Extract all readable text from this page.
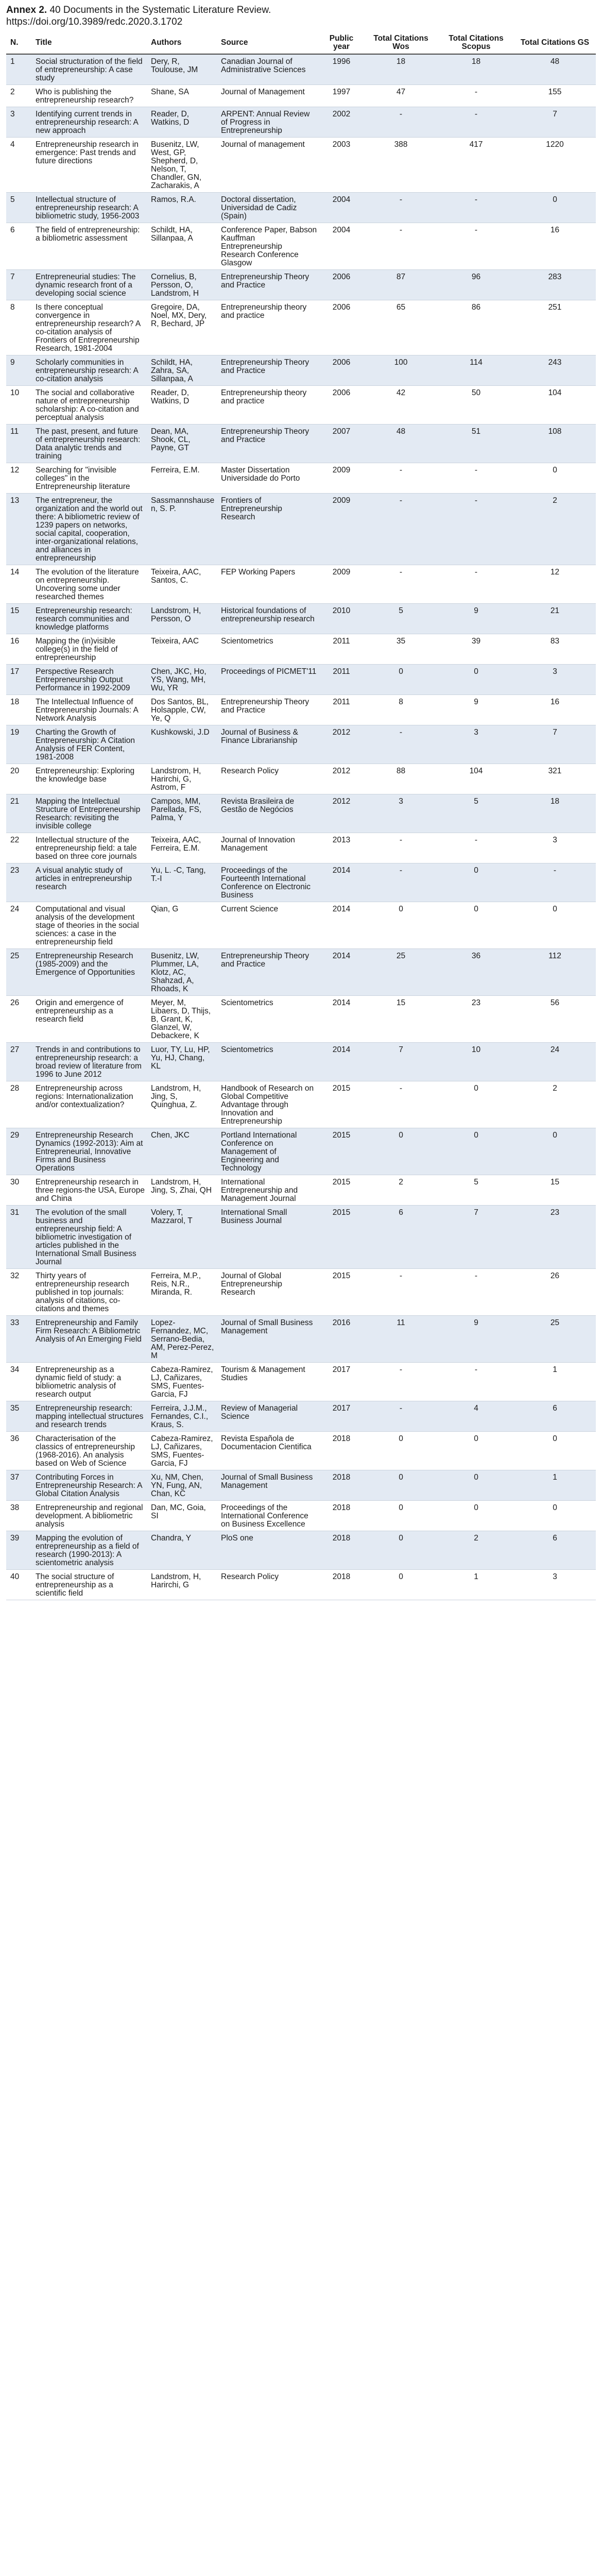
Annex 2. 40 Documents in the Systematic Literature Review.
https://doi.org/10.3989/redc.2020.3.1702
N.	Title	Authors	Source	Public year	Total Citations Wos	Total Citations Scopus	Total Citations GS
1	Social structuration of the field of entrepreneurship: A case study	Dery, R, Toulouse, JM	Canadian Journal of Administrative Sciences	1996	18	18	48
2	Who is publishing the entrepreneurship research?	Shane, SA	Journal of Management	1997	47	-	155
3	Identifying current trends in entrepreneurship research: A new approach	Reader, D, Watkins, D	ARPENT: Annual Review of Progress in Entrepreneurship	2002	-	-	7
4	Entrepreneurship research in emergence: Past trends and future directions	Busenitz, LW, West, GP, Shepherd, D, Nelson, T, Chandler, GN, Zacharakis, A	Journal of management	2003	388	417	1220
5	Intellectual structure of entrepreneurship research: A bibliometric study, 1956-2003	Ramos, R.A.	Doctoral dissertation, Universidad de Cadiz (Spain)	2004	-	-	0
6	The field of entrepreneurship: a bibliometric assessment	Schildt, HA, Sillanpaa, A	Conference Paper, Babson Kauffman Entrepreneurship Research Conference Glasgow	2004	-	-	16
7	Entrepreneurial studies: The dynamic research front of a developing social science	Cornelius, B, Persson, O, Landstrom, H	Entrepreneurship Theory and Practice	2006	87	96	283
8	Is there conceptual convergence in entrepreneurship research? A co-citation analysis of Frontiers of Entrepreneurship Research, 1981-2004	Gregoire, DA, Noel, MX, Dery, R, Bechard, JP	Entrepreneurship theory and practice	2006	65	86	251
9	Scholarly communities in entrepreneurship research: A co-citation analysis	Schildt, HA, Zahra, SA, Sillanpaa, A	Entrepreneurship Theory and Practice	2006	100	114	243
10	The social and collaborative nature of entrepreneurship scholarship: A co-citation and perceptual analysis	Reader, D, Watkins, D	Entrepreneurship theory and practice	2006	42	50	104
11	The past, present, and future of entrepreneurship research: Data analytic trends and training	Dean, MA, Shook, CL, Payne, GT	Entrepreneurship Theory and Practice	2007	48	51	108
12	Searching for "invisible colleges" in the Entrepreneurship literature	Ferreira, E.M.	Master Dissertation Universidade do Porto	2009	-	-	0
13	The entrepreneur, the organization and the world out there: A bibliometric review of 1239 papers on networks, social capital, cooperation, inter-organizational relations, and alliances in entrepreneurship	Sassmannshausen, S. P.	Frontiers of Entrepreneurship Research	2009	-	-	2
14	The evolution of the literature on entrepreneurship. Uncovering some under researched themes	Teixeira, AAC, Santos, C.	FEP Working Papers	2009	-	-	12
15	Entrepreneurship research: research communities and knowledge platforms	Landstrom, H, Persson, O	Historical foundations of entrepreneurship research	2010	5	9	21
16	Mapping the (in)visible college(s) in the field of entrepreneurship	Teixeira, AAC	Scientometrics	2011	35	39	83
17	Perspective Research Entrepreneurship Output Performance in 1992-2009	Chen, JKC, Ho, YS, Wang, MH, Wu, YR	Proceedings of PICMET'11	2011	0	0	3
18	The Intellectual Influence of Entrepreneurship Journals: A Network Analysis	Dos Santos, BL, Holsapple, CW, Ye, Q	Entrepreneurship Theory and Practice	2011	8	9	16
19	Charting the Growth of Entrepreneurship: A Citation Analysis of FER Content, 1981-2008	Kushkowski, J.D	Journal of Business & Finance Librarianship	2012	-	3	7
20	Entrepreneurship: Exploring the knowledge base	Landstrom, H, Harirchi, G, Astrom, F	Research Policy	2012	88	104	321
21	Mapping the Intellectual Structure of Entrepreneurship Research: revisiting the invisible college	Campos, MM, Parellada, FS, Palma, Y	Revista Brasileira de Gestão de Negócios	2012	3	5	18
22	Intellectual structure of the entrepreneurship field: a tale based on three core journals	Teixeira, AAC, Ferreira, E.M.	Journal of Innovation Management	2013	-	-	3
23	A visual analytic study of articles in entrepreneurship research	Yu, L. -C, Tang, T.-I	Proceedings of the Fourteenth International Conference on Electronic Business	2014	-	0	-
24	Computational and visual analysis of the development stage of theories in the social sciences: a case in the entrepreneurship field	Qian, G	Current Science	2014	0	0	0
25	Entrepreneurship Research (1985-2009) and the Emergence of Opportunities	Busenitz, LW, Plummer, LA, Klotz, AC, Shahzad, A, Rhoads, K	Entrepreneurship Theory and Practice	2014	25	36	112
26	Origin and emergence of entrepreneurship as a research field	Meyer, M, Libaers, D, Thijs, B, Grant, K, Glanzel, W, Debackere, K	Scientometrics	2014	15	23	56
27	Trends in and contributions to entrepreneurship research: a broad review of literature from 1996 to June 2012	Luor, TY, Lu, HP, Yu, HJ, Chang, KL	Scientometrics	2014	7	10	24
28	Entrepreneurship across regions: Internationalization and/or contextualization?	Landstrom, H, Jing, S, Quinghua, Z.	Handbook of Research on Global Competitive Advantage through Innovation and Entrepreneurship	2015	-	0	2
29	Entrepreneurship Research Dynamics (1992-2013): Aim at Entrepreneurial, Innovative Firms and Business Operations	Chen, JKC	Portland International Conference on Management of Engineering and Technology	2015	0	0	0
30	Entrepreneurship research in three regions-the USA, Europe and China	Landstrom, H, Jing, S, Zhai, QH	International Entrepreneurship and Management Journal	2015	2	5	15
31	The evolution of the small business and entrepreneurship field: A bibliometric investigation of articles published in the International Small Business Journal	Volery, T, Mazzarol, T	International Small Business Journal	2015	6	7	23
32	Thirty years of entrepreneurship research published in top journals: analysis of citations, co-citations and themes	Ferreira, M.P., Reis, N.R., Miranda, R.	Journal of Global Entrepreneurship Research	2015	-	-	26
33	Entrepreneurship and Family Firm Research: A Bibliometric Analysis of An Emerging Field	Lopez-Fernandez, MC, Serrano-Bedia, AM, Perez-Perez, M	Journal of Small Business Management	2016	11	9	25
34	Entrepreneurship as a dynamic field of study: a bibliometric analysis of research output	Cabeza-Ramirez, LJ, Cañizares, SMS, Fuentes-Garcia, FJ	Tourism & Management Studies	2017	-	-	1
35	Entrepreneurship research: mapping intellectual structures and research trends	Ferreira, J.J.M., Fernandes, C.I., Kraus, S.	Review of Managerial Science	2017	-	4	6
36	Characterisation of the classics of entrepreneurship (1968-2016). An analysis based on Web of Science	Cabeza-Ramirez, LJ, Cañizares, SMS, Fuentes-Garcia, FJ	Revista Española de Documentacion Cientifica	2018	0	0	0
37	Contributing Forces in Entrepreneurship Research: A Global Citation Analysis	Xu, NM, Chen, YN, Fung, AN, Chan, KC	Journal of Small Business Management	2018	0	0	1
38	Entrepreneurship and regional development. A bibliometric analysis	Dan, MC, Goia, SI	Proceedings of the International Conference on Business Excellence	2018	0	0	0
39	Mapping the evolution of entrepreneurship as a field of research (1990-2013): A scientometric analysis	Chandra, Y	PloS one	2018	0	2	6
40	The social structure of entrepreneurship as a scientific field	Landstrom, H, Harirchi, G	Research Policy	2018	0	1	3
